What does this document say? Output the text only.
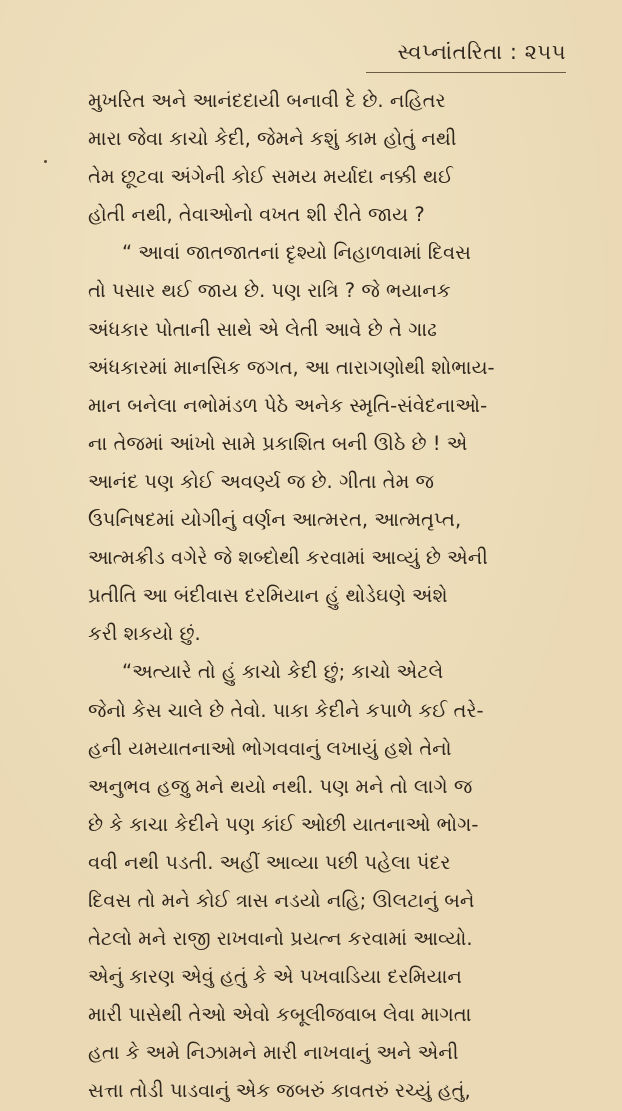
સ્વપ્નાંતરિતા : ૨૫૫
મુખરિત અને આનંદદાયી બનાવી દે છે. નહિતર
મારા જેવા કાચો કેદી, જેમને કશું કામ હોતું નથી
તેમ છૂટવા અંગેની કોઈ સમય મર્યાદા નક્કી થઈ
હોતી નથી, તેવાઓનો વખત શી રીતે જાય ?
“ આવાં જાતજાતનાં દૃશ્યો નિહાળવામાં દિવસ
તો પસાર થઈ જાય છે. પણ રાત્રિ ? જે ભયાનક
અંધકાર પોતાની સાથે એ લેતી આવે છે તે ગાઢ
અંધકારમાં માનસિક જગત, આ તારાગણોથી શોભાય-
માન બનેલા નભોમંડળ પેઠે અનેક સ્મૃતિ-સંવેદનાઓ-
ના તેજમાં આંખો સામે પ્રકાશિત બની ઊઠે છે ! એ
આનંદ પણ કોઈ અવર્ણ્ય જ છે. ગીતા તેમ જ
ઉપનિષદમાં યોગીનું વર્ણન આત્મરત, આત્મતૃપ્ત,
આત્મક્રીડ વગેરે જે શબ્દોથી કરવામાં આવ્યું છે એની
પ્રતીતિ આ બંદીવાસ દરમિયાન હું થોડેઘણે અંશે
કરી શકયો છું.
“અત્યારે તો હું કાચો કેદી છું; કાચો એટલે
જેનો કેસ ચાલે છે તેવો. પાકા કેદીને કપાળે કઈ તરે-
હની યમયાતનાઓ ભોગવવાનું લખાયું હશે તેનો
અનુભવ હજુ મને થયો નથી. પણ મને તો લાગે જ
છે કે કાચા કેદીને પણ કાંઈ ઓછી યાતનાઓ ભોગ-
વવી નથી પડતી. અહીં આવ્યા પછી પહેલા પંદર
દિવસ તો મને કોઈ ત્રાસ નડયો નહિ; ઊલટાનું બને
તેટલો મને રાજી રાખવાનો પ્રયત્ન કરવામાં આવ્યો.
એનું કારણ એવું હતું કે એ પખવાડિયા દરમિયાન
મારી પાસેથી તેઓ એવો કબૂલીજવાબ લેવા માગતા
હતા કે અમે નિઝામને મારી નાખવાનું અને એની
સત્તા તોડી પાડવાનું એક જબરું કાવતરું રચ્યું હતું,
